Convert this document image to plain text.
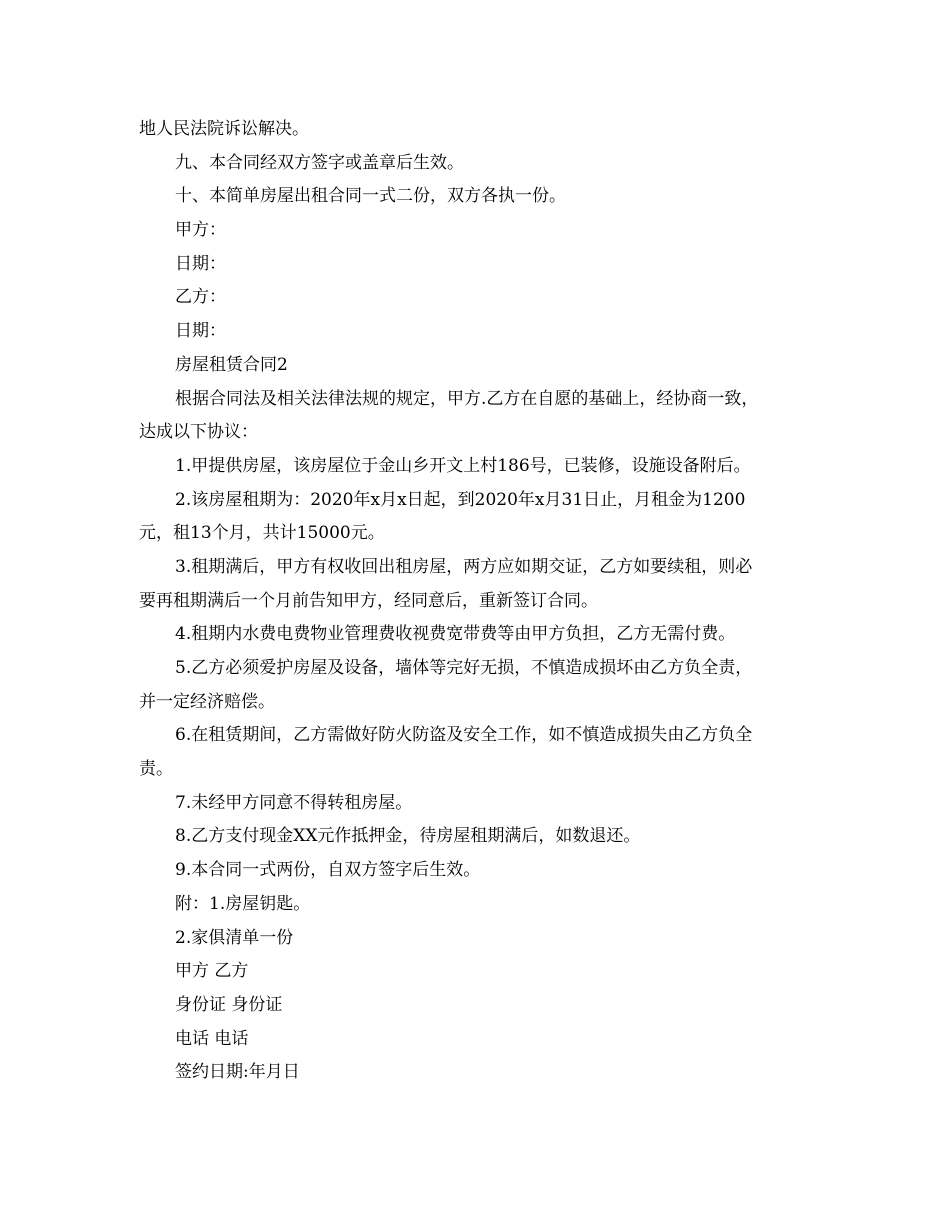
地人民法院诉讼解决。

九、本合同经双方签字或盖章后生效。

十、本简单房屋出租合同一式二份，双方各执一份。

甲方：

日期：

乙方：

日期：

房屋租赁合同2

根据合同法及相关法律法规的规定，甲方.乙方在自愿的基础上，经协商一致，

达成以下协议：

1.甲提供房屋，该房屋位于金山乡开文上村186号，已装修，设施设备附后。

2.该房屋租期为：2020年x月x日起，到2020年x月31日止，月租金为1200

元，租13个月，共计15000元。

3.租期满后，甲方有权收回出租房屋，两方应如期交证，乙方如要续租，则必

要再租期满后一个月前告知甲方，经同意后，重新签订合同。

4.租期内水费电费物业管理费收视费宽带费等由甲方负担，乙方无需付费。

5.乙方必须爱护房屋及设备，墙体等完好无损，不慎造成损坏由乙方负全责，

并一定经济赔偿。

6.在租赁期间，乙方需做好防火防盗及安全工作，如不慎造成损失由乙方负全

责。

7.未经甲方同意不得转租房屋。

8.乙方支付现金XX元作抵押金，待房屋租期满后，如数退还。

9.本合同一式两份，自双方签字后生效。

附：1.房屋钥匙。

2.家俱清单一份

甲方 乙方

身份证 身份证

电话 电话

签约日期:年月日
